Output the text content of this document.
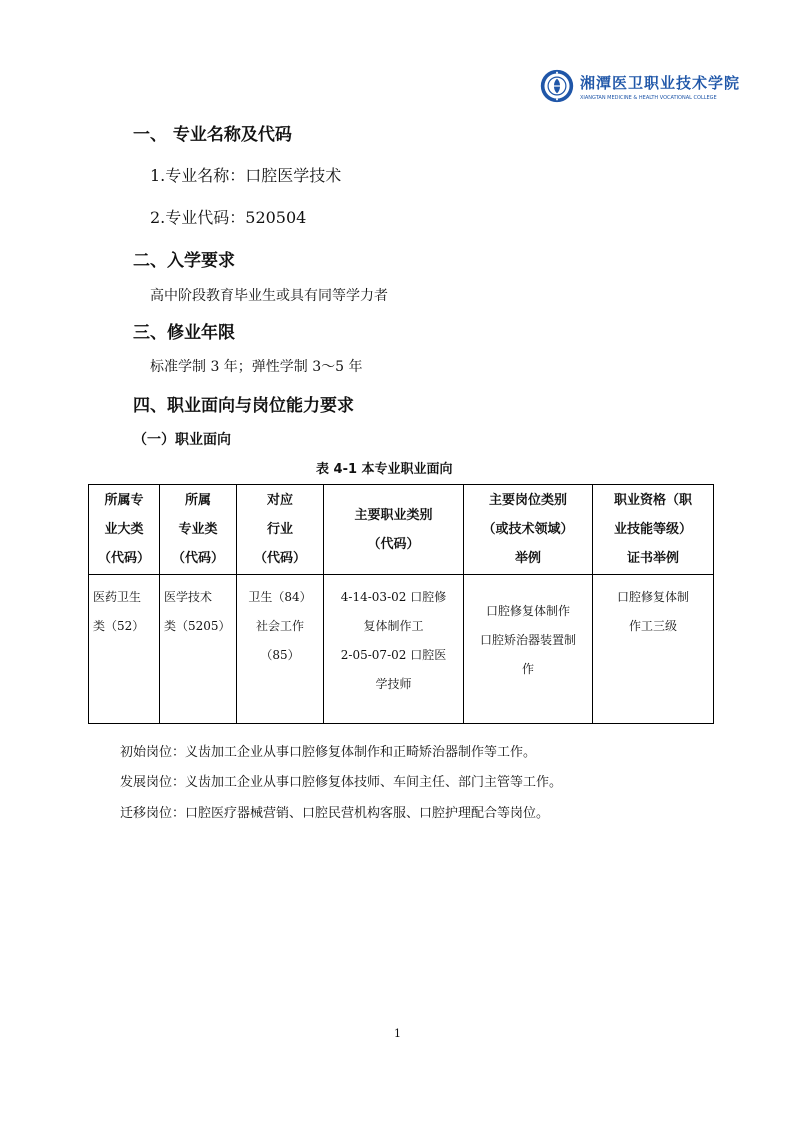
湘潭医卫职业技术学院
XIANGTAN MEDICINE & HEALTH VOCATIONAL COLLEGE
一、 专业名称及代码
1.专业名称：口腔医学技术
2.专业代码：520504
二、入学要求
高中阶段教育毕业生或具有同等学力者
三、修业年限
标准学制 3 年；弹性学制 3～5 年
四、职业面向与岗位能力要求
（一）职业面向
表 4-1 本专业职业面向
所属专
业大类
（代码）	所属
专业类
（代码）	对应
行业
（代码）	主要职业类别
（代码）	主要岗位类别
（或技术领域）
举例	职业资格（职
业技能等级）
证书举例
医药卫生
类（52）	医学技术
类（5205）	卫生（84）
社会工作
（85）	4-14-03-02 口腔修
复体制作工
2-05-07-02 口腔医
学技师	口腔修复体制作
口腔矫治器装置制
作	口腔修复体制
作工三级
初始岗位：义齿加工企业从事口腔修复体制作和正畸矫治器制作等工作。
发展岗位：义齿加工企业从事口腔修复体技师、车间主任、部门主管等工作。
迁移岗位：口腔医疗器械营销、口腔民营机构客服、口腔护理配合等岗位。
1
